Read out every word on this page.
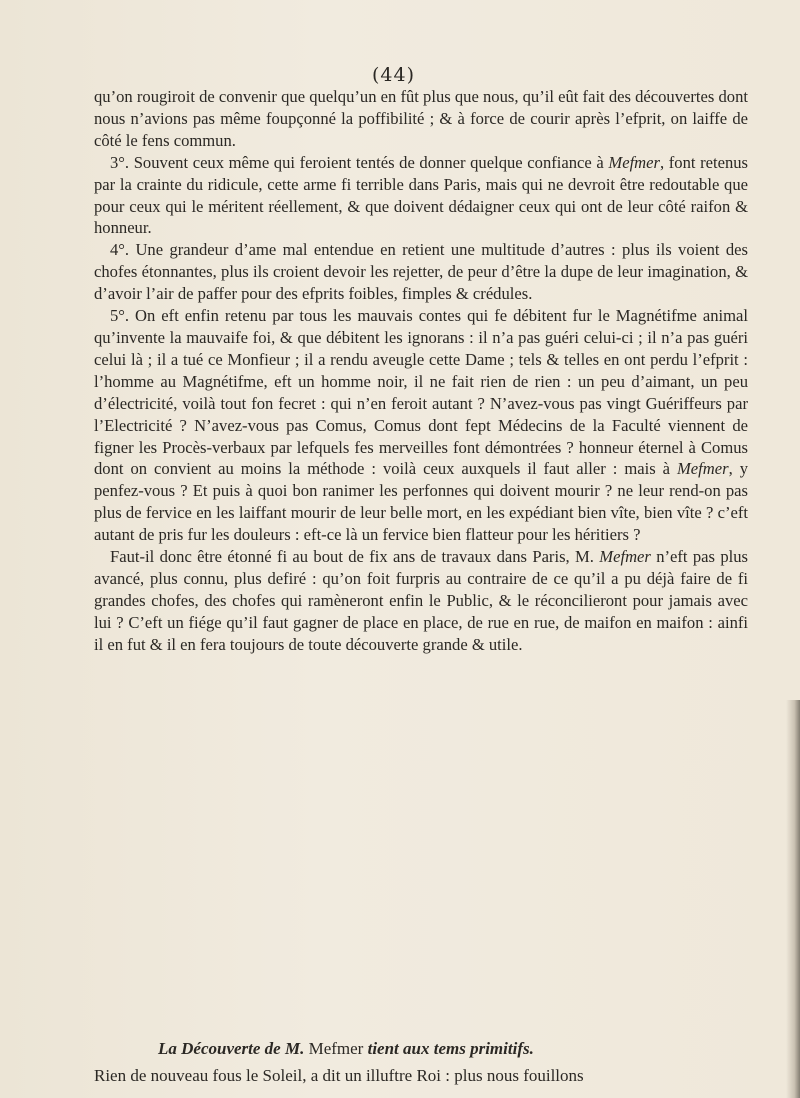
(44)

qu’on rougiroit de convenir que quelqu’un en fût plus que nous, qu’il eût fait des découvertes dont nous n’avions pas même foupçonné la poffibilité ; & à force de courir après l’efprit, on laiffe de côté le fens commun.

3°. Souvent ceux même qui feroient tentés de donner quelque confiance à Mefmer, font retenus par la crainte du ridicule, cette arme fi terrible dans Paris, mais qui ne devroit être redoutable que pour ceux qui le méritent réellement, & que doivent dédaigner ceux qui ont de leur côté raifon & honneur.

4°. Une grandeur d’ame mal entendue en retient une multitude d’autres : plus ils voient des chofes étonnantes, plus ils croient devoir les rejetter, de peur d’être la dupe de leur imagination, & d’avoir l’air de paffer pour des efprits foibles, fimples & crédules.

5°. On eft enfin retenu par tous les mauvais contes qui fe débitent fur le Magnétifme animal qu’invente la mauvaife foi, & que débitent les ignorans : il n’a pas guéri celui-ci ; il n’a pas guéri celui là ; il a tué ce Monfieur ; il a rendu aveugle cette Dame ; tels & telles en ont perdu l’efprit : l’homme au Magnétifme, eft un homme noir, il ne fait rien de rien : un peu d’aimant, un peu d’électricité, voilà tout fon fecret : qui n’en feroit autant ? N’avez-vous pas vingt Guériffeurs par l’Electricité ? N’avez-vous pas Comus, Comus dont fept Médecins de la Faculté viennent de figner les Procès-verbaux par lefquels fes merveilles font démontrées ? honneur éternel à Comus dont on convient au moins la méthode : voilà ceux auxquels il faut aller : mais à Mefmer, y penfez-vous ? Et puis à quoi bon ranimer les perfonnes qui doivent mourir ? ne leur rend-on pas plus de fervice en les laiffant mourir de leur belle mort, en les expédiant bien vîte, bien vîte ? c’eft autant de pris fur les douleurs : eft-ce là un fervice bien flatteur pour les héritiers ?

Faut-il donc être étonné fi au bout de fix ans de travaux dans Paris, M. Mefmer n’eft pas plus avancé, plus connu, plus defiré : qu’on foit furpris au contraire de ce qu’il a pu déjà faire de fi grandes chofes, des chofes qui ramèneront enfin le Public, & le réconcilieront pour jamais avec lui ? C’eft un fiége qu’il faut gagner de place en place, de rue en rue, de maifon en maifon : ainfi il en fut & il en fera toujours de toute découverte grande & utile.

La Découverte de M. Mefmer tient aux tems primitifs.
Rien de nouveau fous le Soleil, a dit un illuftre Roi : plus nous fouillons
